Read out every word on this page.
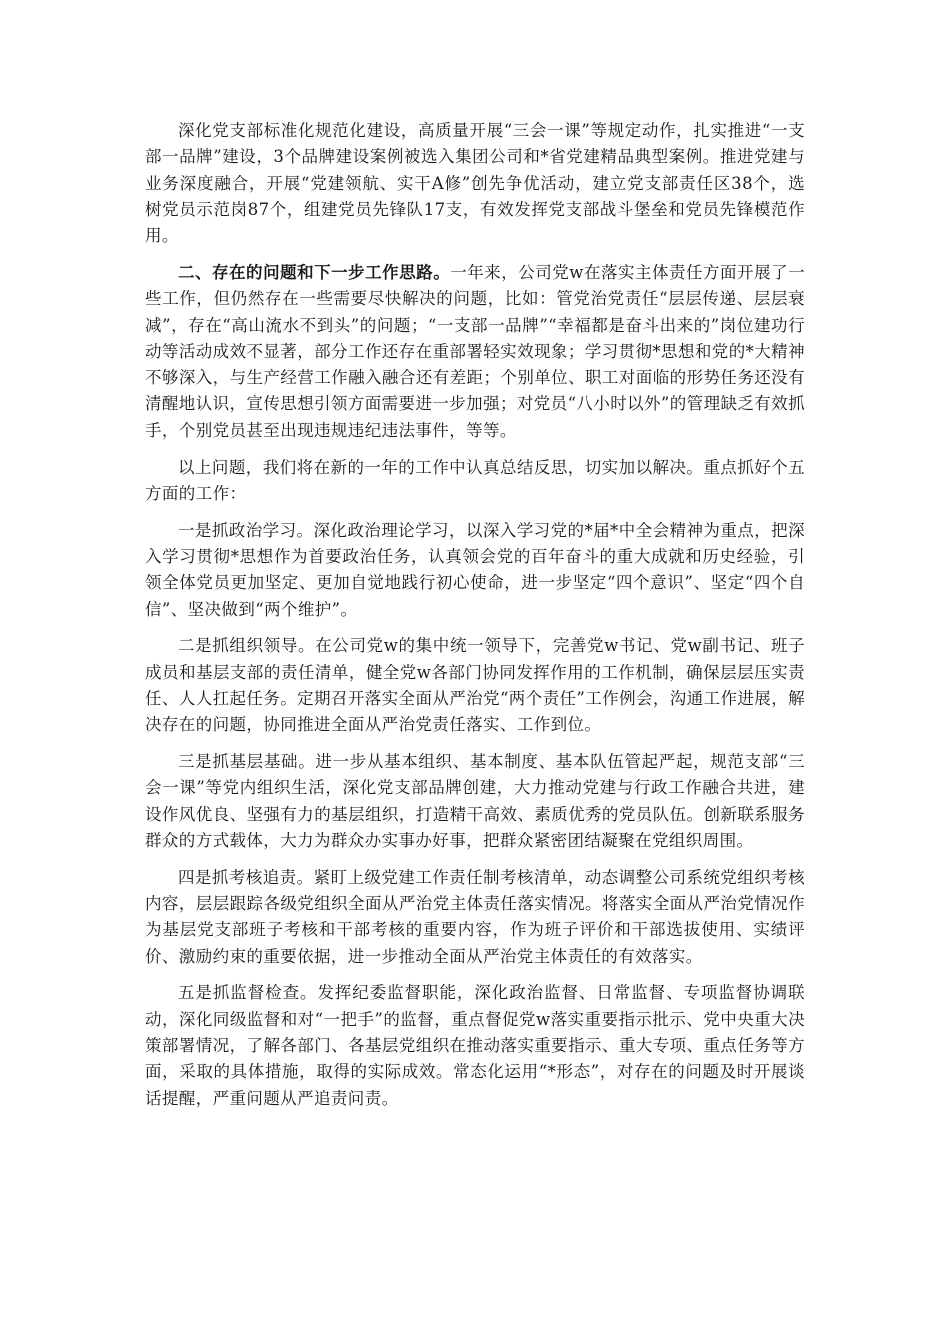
深化党支部标准化规范化建设，高质量开展“三会一课”等规定动作，扎实推进“一支部一品牌”建设，3个品牌建设案例被选入集团公司和*省党建精品典型案例。推进党建与业务深度融合，开展“党建领航、实干A修”创先争优活动，建立党支部责任区38个，选树党员示范岗87个，组建党员先锋队17支，有效发挥党支部战斗堡垒和党员先锋模范作用。

二、存在的问题和下一步工作思路。一年来，公司党w在落实主体责任方面开展了一些工作，但仍然存在一些需要尽快解决的问题，比如：管党治党责任“层层传递、层层衰减”，存在“高山流水不到头”的问题；“一支部一品牌”“幸福都是奋斗出来的”岗位建功行动等活动成效不显著，部分工作还存在重部署轻实效现象；学习贯彻*思想和党的*大精神不够深入，与生产经营工作融入融合还有差距；个别单位、职工对面临的形势任务还没有清醒地认识，宣传思想引领方面需要进一步加强；对党员“八小时以外”的管理缺乏有效抓手，个别党员甚至出现违规违纪违法事件，等等。

以上问题，我们将在新的一年的工作中认真总结反思，切实加以解决。重点抓好个五方面的工作：

一是抓政治学习。深化政治理论学习，以深入学习党的*届*中全会精神为重点，把深入学习贯彻*思想作为首要政治任务，认真领会党的百年奋斗的重大成就和历史经验，引领全体党员更加坚定、更加自觉地践行初心使命，进一步坚定“四个意识”、坚定“四个自信”、坚决做到“两个维护”。

二是抓组织领导。在公司党w的集中统一领导下，完善党w书记、党w副书记、班子成员和基层支部的责任清单，健全党w各部门协同发挥作用的工作机制，确保层层压实责任、人人扛起任务。定期召开落实全面从严治党“两个责任”工作例会，沟通工作进展，解决存在的问题，协同推进全面从严治党责任落实、工作到位。

三是抓基层基础。进一步从基本组织、基本制度、基本队伍管起严起，规范支部“三会一课”等党内组织生活，深化党支部品牌创建，大力推动党建与行政工作融合共进，建设作风优良、坚强有力的基层组织，打造精干高效、素质优秀的党员队伍。创新联系服务群众的方式载体，大力为群众办实事办好事，把群众紧密团结凝聚在党组织周围。

四是抓考核追责。紧盯上级党建工作责任制考核清单，动态调整公司系统党组织考核内容，层层跟踪各级党组织全面从严治党主体责任落实情况。将落实全面从严治党情况作为基层党支部班子考核和干部考核的重要内容，作为班子评价和干部选拔使用、实绩评价、激励约束的重要依据，进一步推动全面从严治党主体责任的有效落实。

五是抓监督检查。发挥纪委监督职能，深化政治监督、日常监督、专项监督协调联动，深化同级监督和对“一把手”的监督，重点督促党w落实重要指示批示、党中央重大决策部署情况，了解各部门、各基层党组织在推动落实重要指示、重大专项、重点任务等方面，采取的具体措施，取得的实际成效。常态化运用“*形态”，对存在的问题及时开展谈话提醒，严重问题从严追责问责。
